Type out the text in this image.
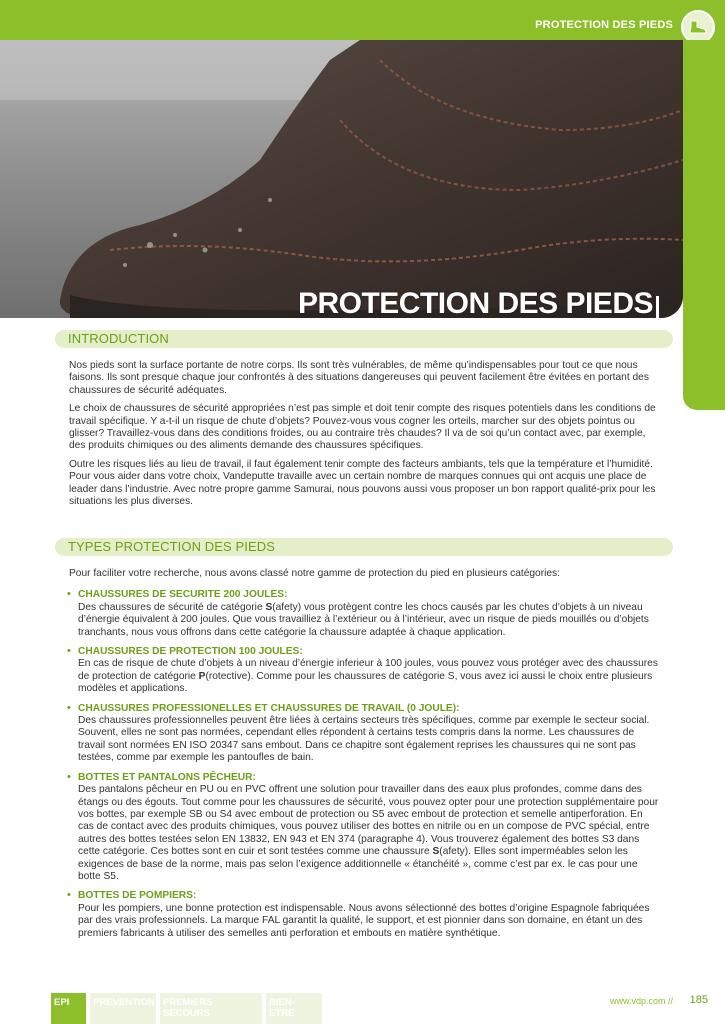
PROTECTION DES PIEDS
PROTECTION DES PIEDS
INTRODUCTION

Nos pieds sont la surface portante de notre corps. Ils sont très vulnérables, de même qu’indispensables pour tout ce que nous faisons. Ils sont presque chaque jour confrontés à des situations dangereuses qui peuvent facilement être évitées en portant des chaussures de sécurité adéquates.

Le choix de chaussures de sécurité appropriées n’est pas simple et doit tenir compte des risques potentiels dans les conditions de travail spécifique. Y a-t-il un risque de chute d’objets? Pouvez-vous vous cogner les orteils, marcher sur des objets pointus ou glisser? Travaillez-vous dans des conditions froides, ou au contraire très chaudes? Il va de soi qu’un contact avec, par exemple, des produits chimiques ou des aliments demande des chaussures spécifiques.

Outre les risques liés au lieu de travail, il faut également tenir compte des facteurs ambiants, tels que la température et l’humidité. Pour vous aider dans votre choix, Vandeputte travaille avec un certain nombre de marques connues qui ont acquis une place de leader dans l’industrie. Avec notre propre gamme Samurai, nous pouvons aussi vous proposer un bon rapport qualité-prix pour les situations les plus diverses.

TYPES PROTECTION DES PIEDS

Pour faciliter votre recherche, nous avons classé notre gamme de protection du pied en plusieurs catégories:

• CHAUSSURES DE SECURITE 200 JOULES:
Des chaussures de sécurité de catégorie S(afety) vous protègent contre les chocs causés par les chutes d’objets à un niveau d’énergie équivalent à 200 joules. Que vous travailliez à l’extérieur ou à l’intérieur, avec un risque de pieds mouillés ou d’objets tranchants, nous vous offrons dans cette catégorie la chaussure adaptée à chaque application.
• CHAUSSURES DE PROTECTION 100 JOULES:
En cas de risque de chute d’objets à un niveau d’énergie inferieur à 100 joules, vous pouvez vous protéger avec des chaussures de protection de catégorie P(rotective). Comme pour les chaussures de catégorie S, vous avez ici aussi le choix entre plusieurs modèles et applications.
• CHAUSSURES PROFESSIONELLES ET CHAUSSURES DE TRAVAIL (0 JOULE):
Des chaussures professionnelles peuvent être liées à certains secteurs très spécifiques, comme par exemple le secteur social. Souvent, elles ne sont pas normées, cependant elles répondent à certains tests compris dans la norme. Les chaussures de travail sont normées EN ISO 20347 sans embout. Dans ce chapitre sont également reprises les chaussures qui ne sont pas testées, comme par exemple les pantoufles de bain.
• BOTTES ET PANTALONS PÊCHEUR:
Des pantalons pêcheur en PU ou en PVC offrent une solution pour travailler dans des eaux plus profondes, comme dans des étangs ou des égouts. Tout comme pour les chaussures de sécurité, vous pouvez opter pour une protection supplémentaire pour vos bottes, par exemple SB ou S4 avec embout de protection ou S5 avec embout de protection et semelle antiperforation. En cas de contact avec des produits chimiques, vous pouvez utiliser des bottes en nitrile ou en un compose de PVC spécial, entre autres des bottes testées selon EN 13832, EN 943 et EN 374 (paragraphe 4). Vous trouverez également des bottes S3 dans cette catégorie. Ces bottes sont en cuir et sont testées comme une chaussure S(afety). Elles sont imperméables selon les exigences de base de la norme, mais pas selon l’exigence additionnelle « étanchéité », comme c’est par ex. le cas pour une botte S5.
• BOTTES DE POMPIERS:
Pour les pompiers, une bonne protection est indispensable. Nous avons sélectionné des bottes d’origine Espagnole fabriquées par des vrais professionnels. La marque FAL garantit la qualité, le support, et est pionnier dans son domaine, en étant un des premiers fabricants à utiliser des semelles anti perforation et embouts en matière synthétique.
EPI	PREVENTION PREMIERS SECOURS
BIEN-ETRE
www.vdp.com // 185
